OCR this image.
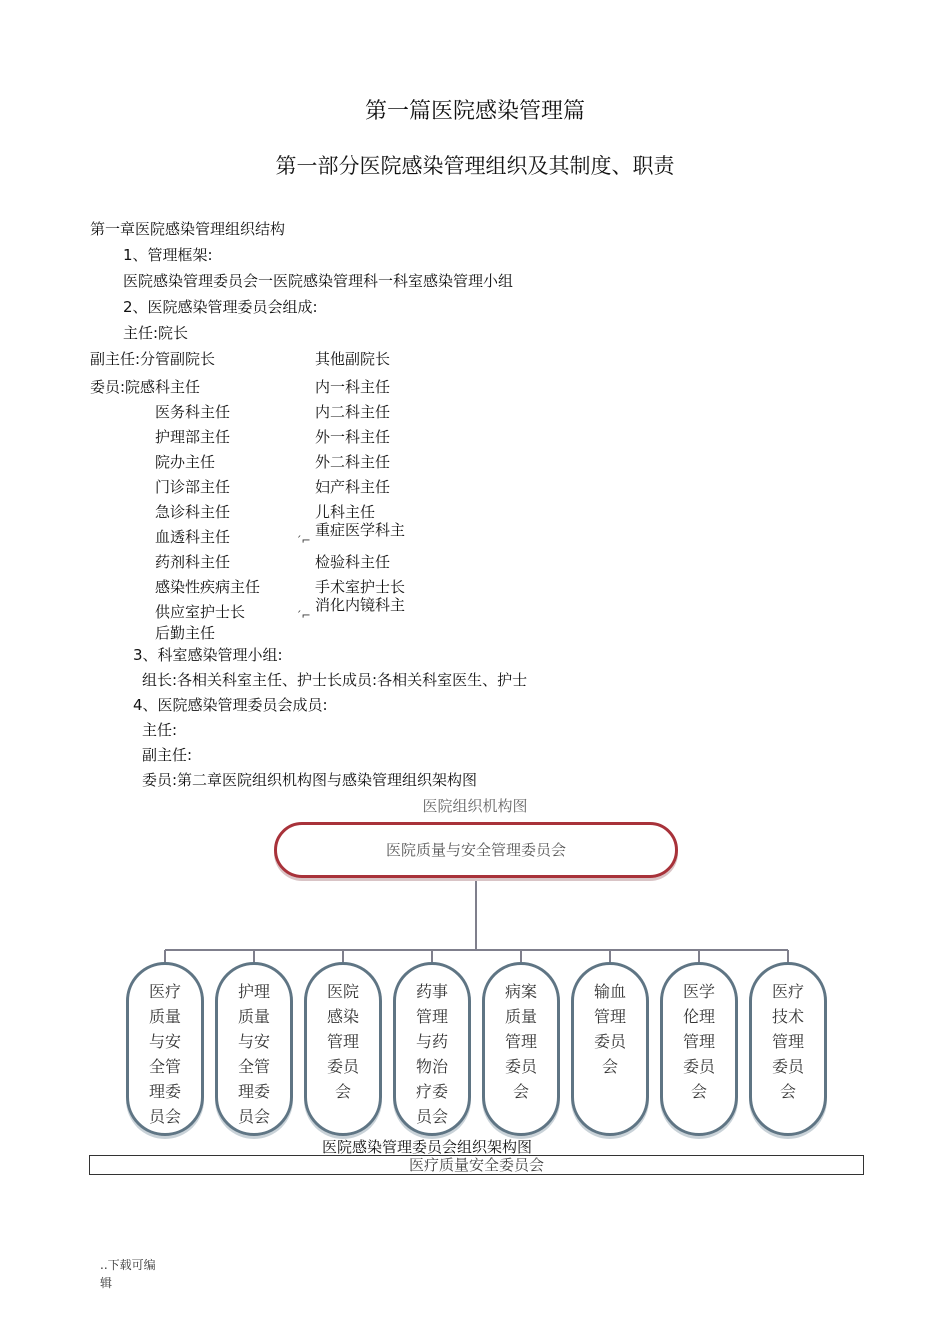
第一篇医院感染管理篇
第一部分医院感染管理组织及其制度、职责
第一章医院感染管理组织结构
1、管理框架:
医院感染管理委员会一医院感染管理科一科室感染管理小组
2、医院感染管理委员会组成:
主任:院长
副主任:分管副院长	其他副院长
委员:院感科主任
医务科主任
护理部主任
院办主任
门诊部主任
急诊科主任
血透科主任
药剂科主任
感染性疾病主任
供应室护士长
后勤主任
内一科主任
内二科主任
外一科主任
外二科主任
妇产科主任
儿科主任
重症医学科主
检验科主任
手术室护士长
消化内镜科主
ˊ⌐
ˊ⌐
3、科室感染管理小组:
组长:各相关科室主任、护士长成员:各相关科室医生、护士
4、医院感染管理委员会成员:
主任:
副主任:
委员:第二章医院组织机构图与感染管理组织架构图
医院组织机构图
医院质量与安全管理委员会
医疗质量与安全管理委员会
护理质量与安全管理委员会
医院感染管理委员会
药事管理与药物治疗委员会
病案质量管理委员会
输血管理委员会
医学伦理管理委员会
医疗技术管理委员会
医院感染管理委员会组织架构图
医疗质量安全委员会
..下载可编
辑
